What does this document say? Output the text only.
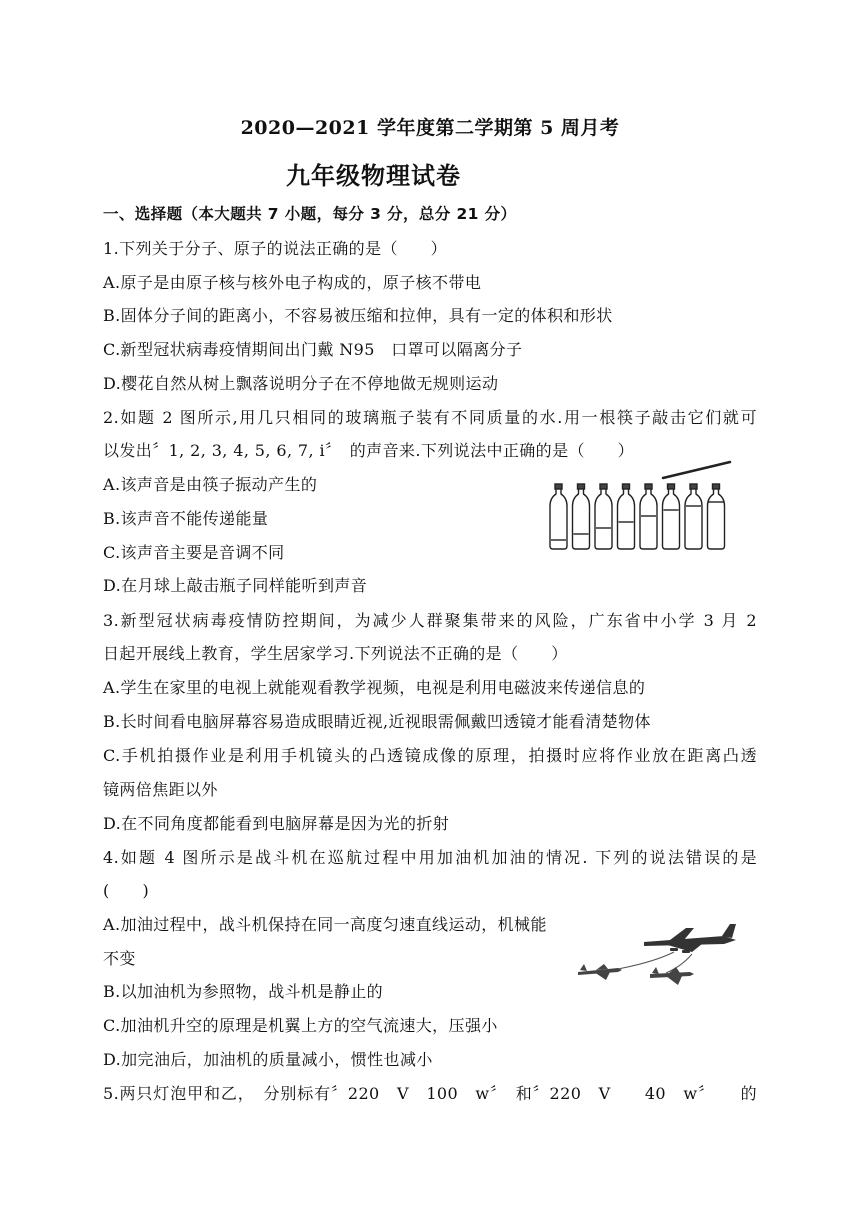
2020—2021 学年度第二学期第 5 周月考
九年级物理试卷
一、选择题（本大题共 7 小题，每分 3 分，总分 21 分）
1.下列关于分子、原子的说法正确的是（　　）
A.原子是由原子核与核外电子构成的，原子核不带电
B.固体分子间的距离小，不容易被压缩和拉伸，具有一定的体积和形状
C.新型冠状病毒疫情期间出门戴 N95　口罩可以隔离分子
D.樱花自然从树上飘落说明分子在不停地做无规则运动
2.如题 2 图所示,用几只相同的玻璃瓶子装有不同质量的水.用一根筷子敲击它们就可
以发出〞1, 2, 3, 4, 5, 6, 7, i〞　的声音来.下列说法中正确的是（　　）
A.该声音是由筷子振动产生的
B.该声音不能传递能量
C.该声音主要是音调不同
D.在月球上敲击瓶子同样能听到声音
3.新型冠状病毒疫情防控期间，为减少人群聚集带来的风险，广东省中小学 3 月 2
日起开展线上教育，学生居家学习.下列说法不正确的是（　　）
A.学生在家里的电视上就能观看教学视频，电视是利用电磁波来传递信息的
B.长时间看电脑屏幕容易造成眼睛近视,近视眼需佩戴凹透镜才能看清楚物体
C.手机拍摄作业是利用手机镜头的凸透镜成像的原理，拍摄时应将作业放在距离凸透
镜两倍焦距以外
D.在不同角度都能看到电脑屏幕是因为光的折射
4.如题 4 图所示是战斗机在巡航过程中用加油机加油的情况. 下列的说法错误的是
(　　)
A.加油过程中，战斗机保持在同一高度匀速直线运动，机械能
不变
B.以加油机为参照物，战斗机是静止的
C.加油机升空的原理是机翼上方的空气流速大，压强小
D.加完油后，加油机的质量减小，惯性也减小
5.两只灯泡甲和乙，　分别标有〞220　V　100　w〞　和〞220　V　　40　w〞　　的
